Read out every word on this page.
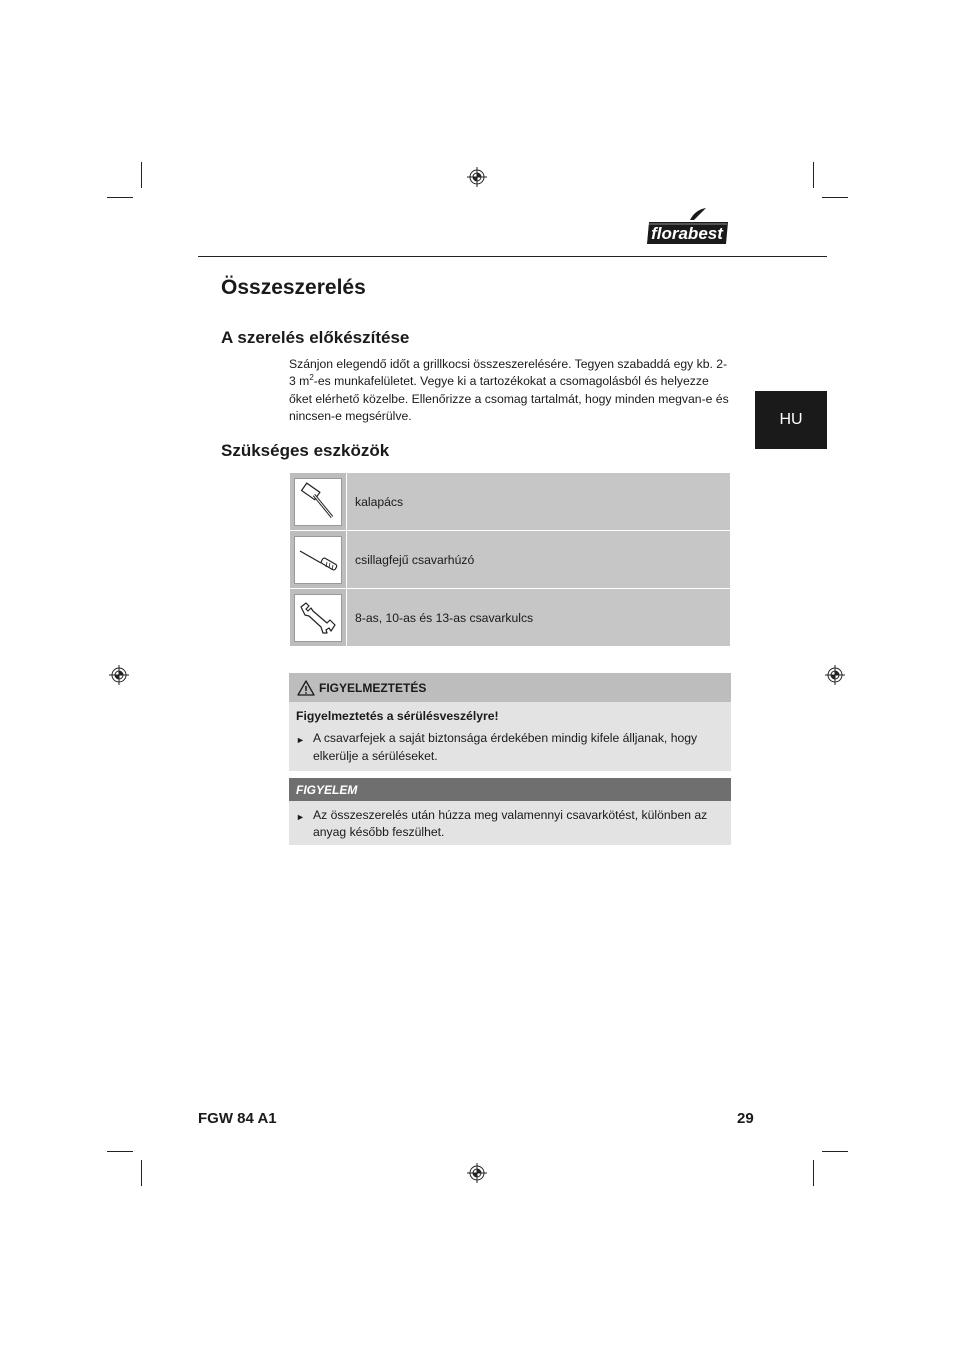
florabest
Összeszerelés
A szerelés előkészítése
Szánjon elegendő időt a grillkocsi összeszerelésére. Tegyen szabaddá egy kb. 2-3 $m^2-es$ munkafelületet. Vegye ki a tartozékokat a csomagolásból és helyezze őket elérhető közelbe. Ellenőrizze a csomag tartalmát, hogy minden megvan-e és nincsen-e megsérülve.	HU
Szükséges eszközök
kalapács
csillagfejű csavarhúzó
8-as, 10-as és 13-as csavarkulcs
FIGYELMEZTETÉS
Figyelmeztetés a sérülésveszélyre!
► A csavarfejek a saját biztonsága érdekében mindig kifele álljanak, hogy elkerülje a sérüléseket.
FIGYELEM
► Az összeszerelés után húzza meg valamennyi csavarkötést, különben az anyag később feszülhet.
FGW 84 A1	29
